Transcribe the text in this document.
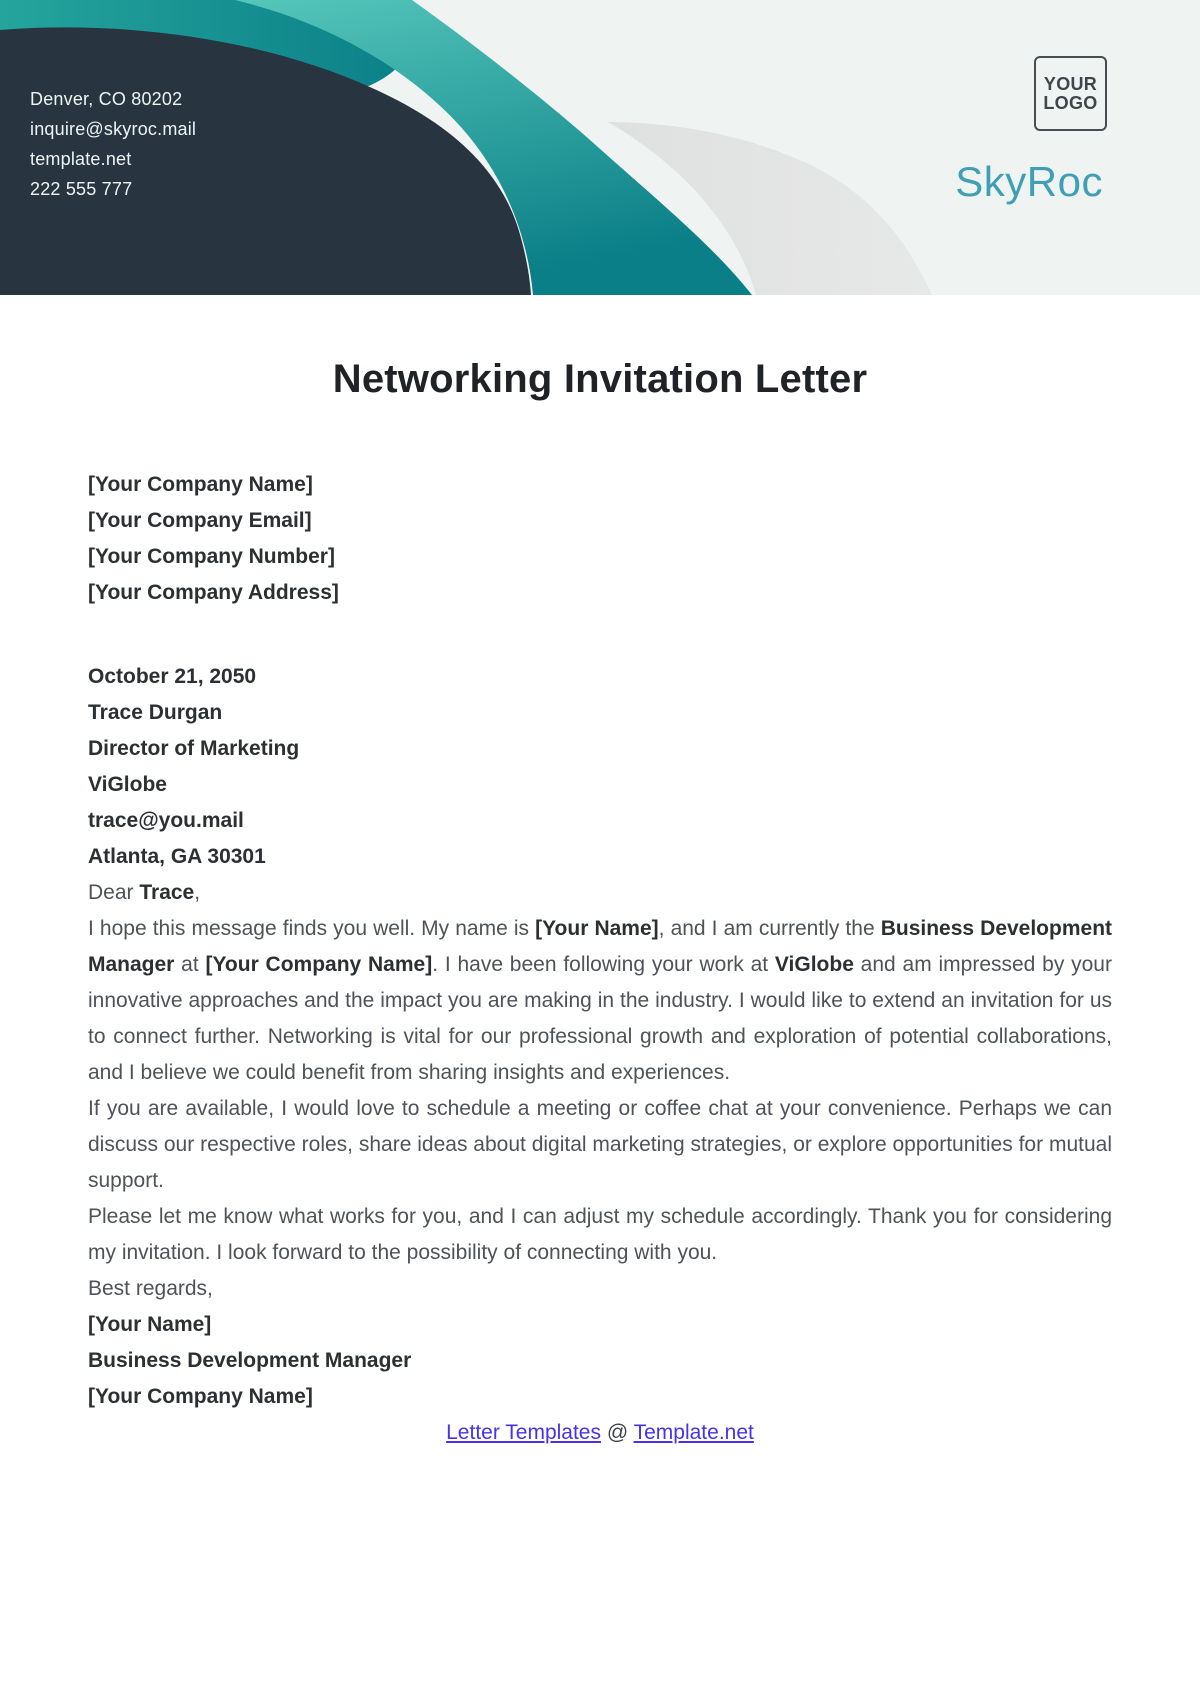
Denver, CO 80202
inquire@skyroc.mail
template.net
222 555 777
YOUR
LOGO
SkyRoc
Networking Invitation Letter
[Your Company Name]
[Your Company Email]
[Your Company Number]
[Your Company Address]
October 21, 2050
Trace Durgan
Director of Marketing
ViGlobe
trace@you.mail
Atlanta, GA 30301

Dear Trace,

I hope this message finds you well. My name is [Your Name], and I am currently the Business Development Manager at [Your Company Name]. I have been following your work at ViGlobe and am impressed by your innovative approaches and the impact you are making in the industry. I would like to extend an invitation for us to connect further. Networking is vital for our professional growth and exploration of potential collaborations, and I believe we could benefit from sharing insights and experiences.

If you are available, I would love to schedule a meeting or coffee chat at your convenience. Perhaps we can discuss our respective roles, share ideas about digital marketing strategies, or explore opportunities for mutual support.

Please let me know what works for you, and I can adjust my schedule accordingly. Thank you for considering my invitation. I look forward to the possibility of connecting with you.

Best regards,

[Your Name]
Business Development Manager
[Your Company Name]
Letter Templates @ Template.net
